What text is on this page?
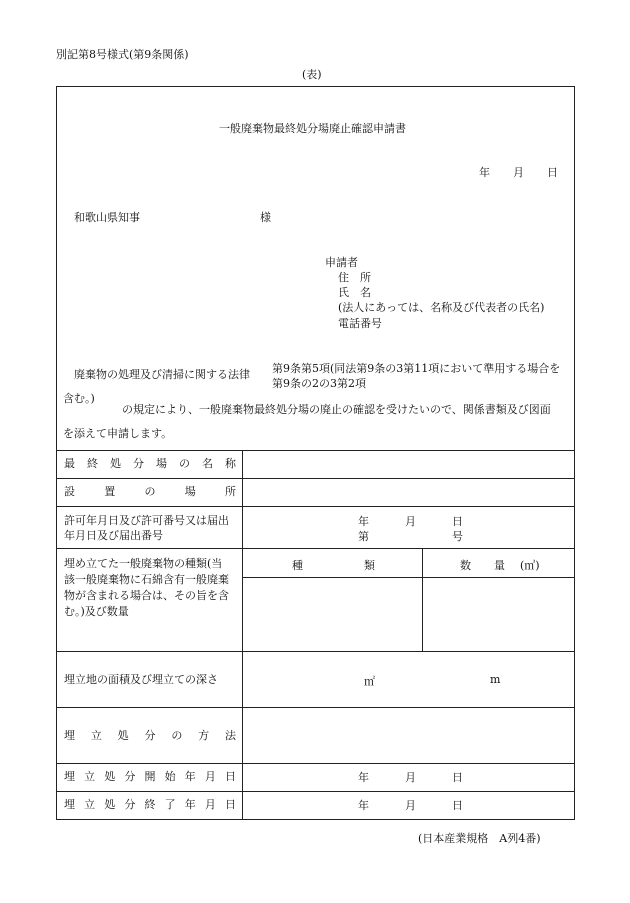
別記第8号様式(第9条関係)
(表)
一般廃棄物最終処分場廃止確認申請書
年 月 日
和歌山県知事	様
申請者
住　所
氏　名
(法人にあっては、名称及び代表者の氏名)
電話番号
廃棄物の処理及び清掃に関する法律 第9条第5項(同法第9条の3第11項において準用する場合を
第9条の2の3第2項
含む。)
の規定により、一般廃棄物最終処分場の廃止の確認を受けたいので、関係書類及び図面
を添えて申請します。
最 終 処 分 場 の 名 称
設	置	の	場	所
許可年月日及び許可番号又は届出
年月日及び届出番号
年	月	日
第	号
埋め立てた一般廃棄物の種類(当
該一般廃棄物に石綿含有一般廃棄
物が含まれる場合は、その旨を含
む。)及び数量
種	類	数 量 (㎥)
埋立地の面積及び埋立ての深さ	㎡	m
埋 立 処 分 の 方 法
埋 立 処 分 開 始 年 月 日	年	月	日
埋 立 処 分 終 了 年 月 日	年	月	日
(日本産業規格　A列4番)
